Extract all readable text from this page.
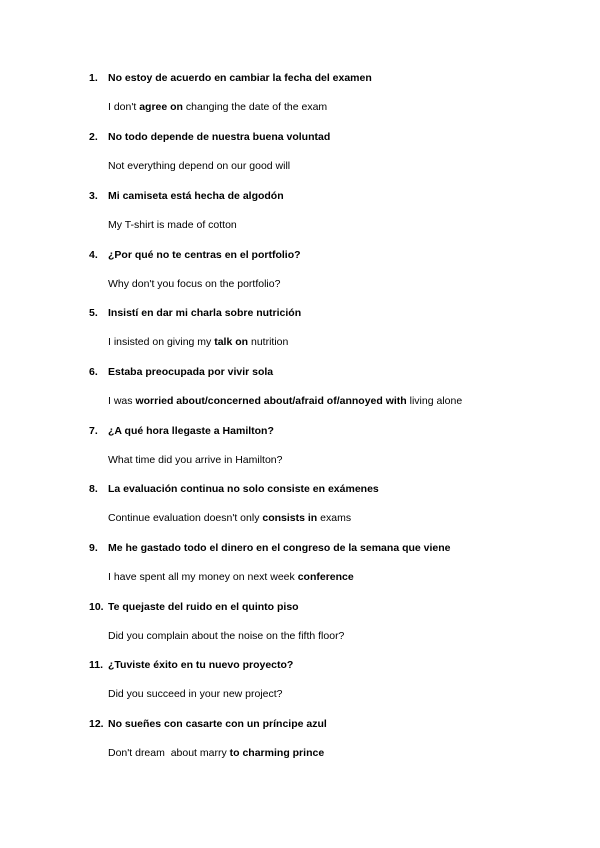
1. No estoy de acuerdo en cambiar la fecha del examen
I don't agree on changing the date of the exam
2. No todo depende de nuestra buena voluntad
Not everything depend on our good will
3. Mi camiseta está hecha de algodón
My T-shirt is made of cotton
4. ¿Por qué no te centras en el portfolio?
Why don't you focus on the portfolio?
5. Insistí en dar mi charla sobre nutrición
I insisted on giving my talk on nutrition
6. Estaba preocupada por vivir sola
I was worried about/concerned about/afraid of/annoyed with living alone
7. ¿A qué hora llegaste a Hamilton?
What time did you arrive in Hamilton?
8. La evaluación continua no solo consiste en exámenes
Continue evaluation doesn't only consists in exams
9. Me he gastado todo el dinero en el congreso de la semana que viene
I have spent all my money on next week conference
10. Te quejaste del ruido en el quinto piso
Did you complain about the noise on the fifth floor?
11. ¿Tuviste éxito en tu nuevo proyecto?
Did you succeed in your new project?
12. No sueñes con casarte con un príncipe azul
Don't dream  about marry to charming prince
